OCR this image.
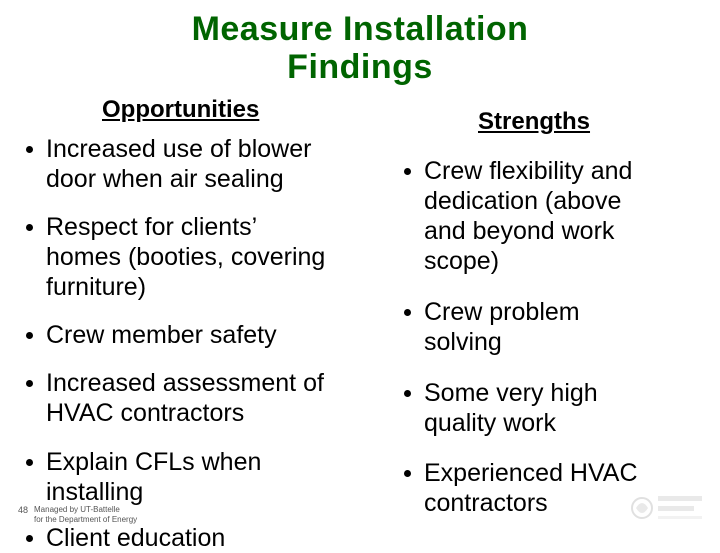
Measure Installation
Findings
Opportunities
Increased use of blower
door when air sealing
Respect for clients’
homes (booties, covering
furniture)
Crew member safety
Increased assessment of
HVAC contractors
Explain CFLs when
installing
Client education
Strengths
Crew flexibility and
dedication (above
and beyond work
scope)
Crew problem
solving
Some very high
quality work
Experienced HVAC
contractors
48 Managed by UT-Battelle
for the Department of Energy
